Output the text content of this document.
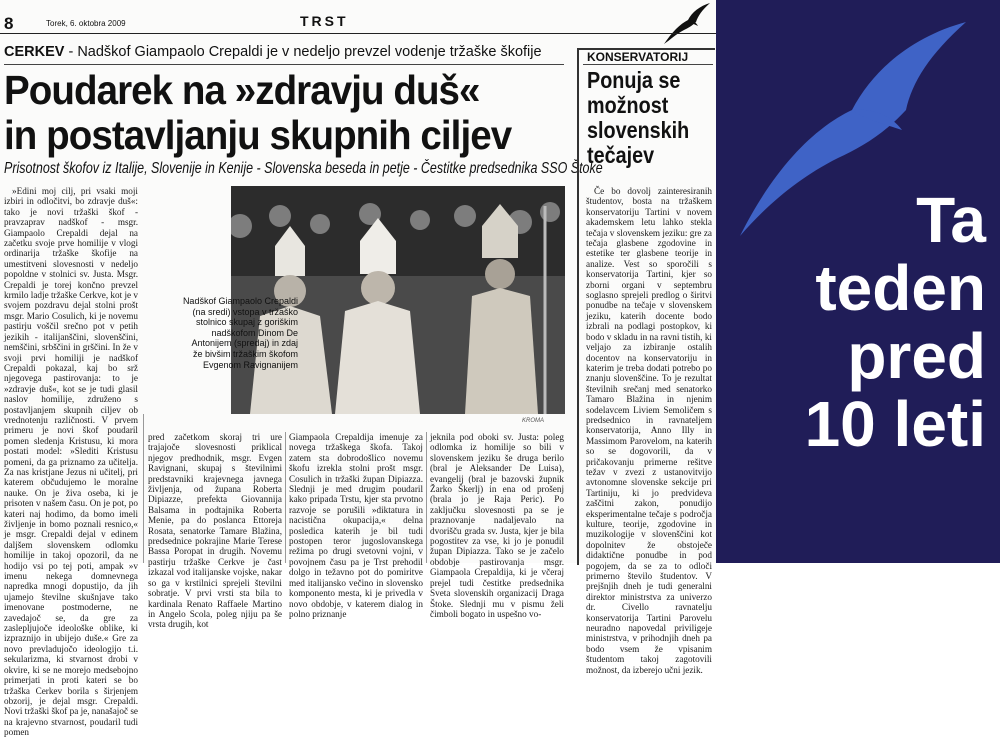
8	Torek, 6. oktobra 2009	TRST
CERKEV - Nadškof Giampaolo Crepaldi je v nedeljo prevzel vodenje tržaške škofije
Poudarek na »zdravju duš«
in postavljanju skupnih ciljev
Prisotnost škofov iz Italije, Slovenije in Kenije - Slovenska beseda in petje - Čestitke predsednika SSO Štoke

»Edini moj cilj, pri vsaki moji izbiri in odločitvi, bo zdravje duš«: tako je novi tržaški škof - pravzaprav nadškof - msgr. Giampaolo Crepaldi dejal na začetku svoje prve homilije v vlogi ordinarija tržaške škofije na umestitveni slovesnosti v nedeljo popoldne v stolnici sv. Justa. Msgr. Crepaldi je torej končno prevzel krmilo ladje tržaške Cerkve, kot je v svojem pozdravu dejal stolni prošt msgr. Mario Cosulich, ki je novemu pastirju voščil srečno pot v petih jezikih - italijanščini, slovenščini, nemščini, srbščini in grščini. In že v svoji prvi homiliji je nadškof Crepaldi pokazal, kaj bo srž njegovega pastirovanja: to je »zdravje duš«, kot se je tudi glasil naslov homilije, združeno s postavljanjem skupnih ciljev ob vrednotenju različnosti. V prvem primeru je novi škof poudaril pomen sledenja Kristusu, ki mora postati model: »Slediti Kristusu pomeni, da ga priznamo za učitelja. Za nas kristjane Jezus ni učitelj, pri katerem občudujemo le moralne nauke. On je živa oseba, ki je prisoten v našem času. On je pot, po kateri naj hodimo, da bomo imeli življenje in bomo poznali resnico,« je msgr. Crepaldi dejal v edinem daljšem slovenskem odlomku homilije in takoj opozoril, da ne hodijo vsi po tej poti, ampak »v imenu nekega domnevnega napredka mnogi dopustijo, da jih ujamejo številne skušnjave tako imenovane postmoderne, ne zavedajoč se, da gre za zaslepljujoče ideološke oblike, ki izpraznijo in ubijejo duše.« Gre za novo prevladujočo ideologijo t.i. sekularizma, ki stvarnost drobi v okvire, ki se ne morejo medsebojno primerjati in proti kateri se bo tržaška Cerkev borila s širjenjem obzorij, je dejal msgr. Crepaldi. Novi tržaški škof pa je, nanašajoč se na krajevno stvarnost, poudaril tudi pomen

Nadškof Giampaolo Crepaldi (na sredi) vstopa v tržaško stolnico skupaj z goriškim nadškofom Dinom De Antonijem (spredaj) in zdaj že bivšim tržaškim škofom Evgenom Ravignanijem
KROMA

pred začetkom skoraj tri ure trajajoče slovesnosti priklical njegov predhodnik, msgr. Evgen Ravignani, skupaj s številnimi predstavniki krajevnega javnega življenja, od župana Roberta Dipiazze, prefekta Giovannija Balsama in podtajnika Roberta Menie, pa do poslanca Ettoreja Rosata, senatorke Tamare Blažina, predsednice pokrajine Marie Terese Bassa Poropat in drugih. Novemu pastirju tržaške Cerkve je čast izkazal vod italijanske vojske, nakar so ga v krstilnici sprejeli številni sobratje. V prvi vrsti sta bila to kardinala Renato Raffaele Martino in Angelo Scola, poleg njiju pa še vrsta drugih, kot

Giampaola Crepaldija imenuje za novega tržaškega škofa. Takoj zatem sta dobrodošlico novemu škofu izrekla stolni prošt msgr. Cosulich in tržaški župan Dipiazza. Slednji je med drugim poudaril kako pripada Trstu, kjer sta prvotno razvoje se porušili »diktatura in nacistična okupacija,« delna posledica katerih je bil tudi postopen teror jugoslovanskega režima po drugi svetovni vojni, v povojnem času pa je Trst prehodil dolgo in težavno pot do pomiritve med italijansko večino in slovensko komponento mesta, ki je privedla v novo obdobje, v katerem dialog in polno priznanje

jeknila pod oboki sv. Justa: poleg odlomka iz homilije so bili v slovenskem jeziku še druga berilo (bral je Aleksander De Luisa), evangelij (bral je bazovski župnik Žarko Škerlj) in ena od prošenj (brala jo je Raja Peric). Po zaključku slovesnosti pa se je praznovanje nadaljevalo na dvorišču grada sv. Justa, kjer je bila pogostitev za vse, ki jo je ponudil župan Dipiazza. Tako se je začelo obdobje pastirovanja msgr. Giampaola Crepaldija, ki je včeraj prejel tudi čestitke predsednika Sveta slovenskih organizacij Draga Štoke. Slednji mu v pismu želi čimboli bogato in uspešno vo-

KONSERVATORIJ
Ponuja se možnost slovenskih tečajev

Če bo dovolj zainteresiranih študentov, bosta na tržaškem konservatoriju Tartini v novem akademskem letu lahko stekla tečaja v slovenskem jeziku: gre za tečaja glasbene zgodovine in estetike ter glasbene teorije in analize. Vest so sporočili s konservatorija Tartini, kjer so zborni organi v septembru soglasno sprejeli predlog o širitvi ponudbe na tečaje v slovenskem jeziku, katerih docente bodo izbrali na podlagi postopkov, ki bodo v skladu in na ravni tistih, ki veljajo za izbiranje ostalih docentov na konservatoriju in katerim je treba dodati potrebo po znanju slovenščine. To je rezultat številnih srečanj med senatorko Tamaro Blažina in njenim sodelavcem Liviem Semoličem s predsednico in ravnateljem konservatorija, Anno Illy in Massimom Parovelom, na katerih so se dogovorili, da v pričakovanju primerne rešitve težav v zvezi z ustanovitvijo avtonomne slovenske sekcije pri Tartiniju, ki jo predvideva zaščitni zakon, ponudijo eksperimentalne tečaje s področja kulture, teorije, zgodovine in muzikologije v slovenščini kot dopolnitev že obstoječe didaktične ponudbe in pod pogojem, da se za to odloči primerno število študentov. V prejšnjih dneh je tudi generalni direktor ministrstva za univerzo dr. Civello ravnatelju konservatorija Tartini Parovelu neuradno napovedal priviligeje ministrstva, v prihodnjih dneh pa bodo vsem že vpisanim študentom takoj zagotovili možnost, da izberejo učni jezik.

Ta
teden
pred
10 leti
